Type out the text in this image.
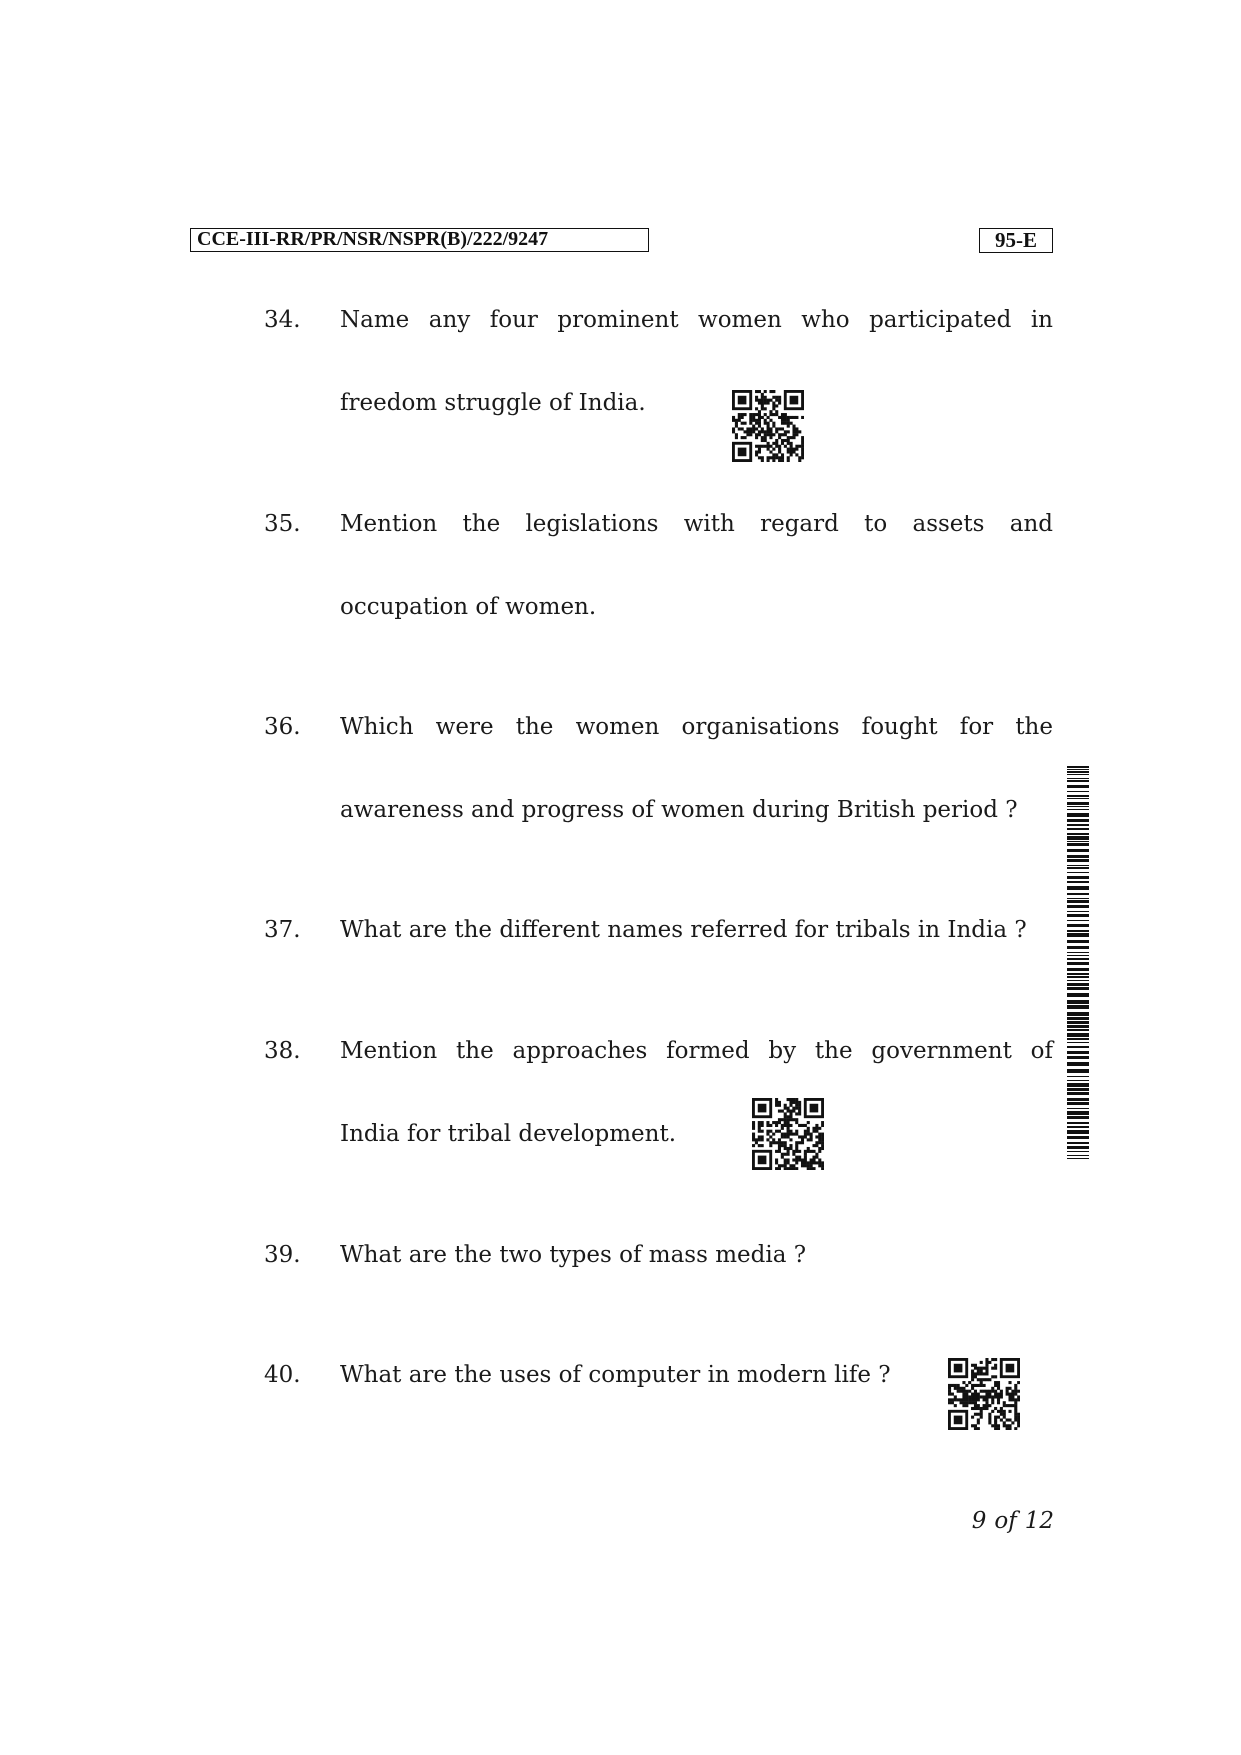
CCE-III-RR/PR/NSR/NSPR(B)/222/9247	95-E
34. Name any four prominent women who participated in
freedom struggle of India.
35. Mention the legislations with regard to assets and
occupation of women.
36. Which were the women organisations fought for the
awareness and progress of women during British period ?
37. What are the different names referred for tribals in India ?
38. Mention the approaches formed by the government of
India for tribal development.
39. What are the two types of mass media ?
40. What are the uses of computer in modern life ?
9 of 12
